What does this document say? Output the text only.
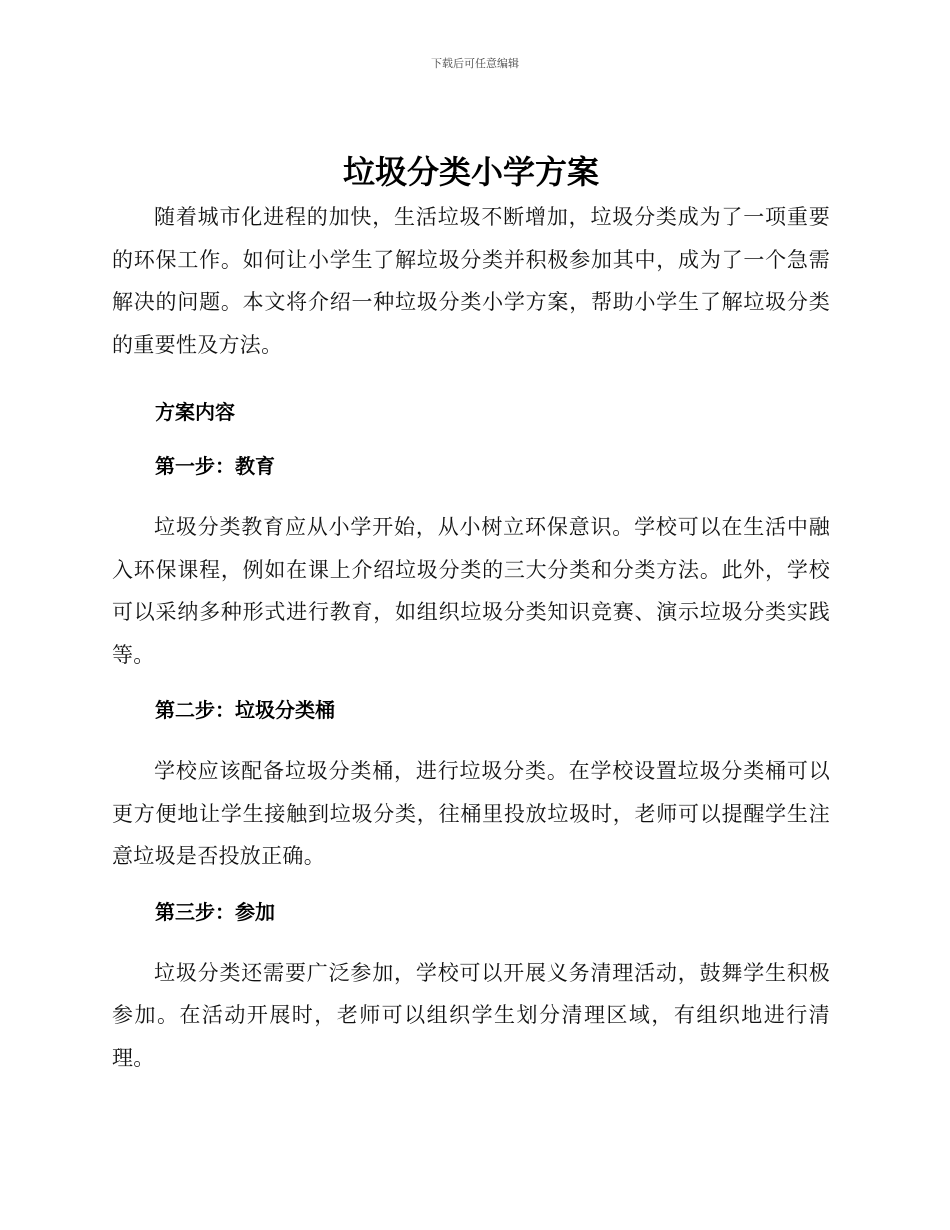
下载后可任意编辑
垃圾分类小学方案

随着城市化进程的加快，生活垃圾不断增加，垃圾分类成为了一项重要的环保工作。如何让小学生了解垃圾分类并积极参加其中，成为了一个急需解决的问题。本文将介绍一种垃圾分类小学方案，帮助小学生了解垃圾分类的重要性及方法。

方案内容
第一步：教育

垃圾分类教育应从小学开始，从小树立环保意识。学校可以在生活中融入环保课程，例如在课上介绍垃圾分类的三大分类和分类方法。此外，学校可以采纳多种形式进行教育，如组织垃圾分类知识竞赛、演示垃圾分类实践等。

第二步：垃圾分类桶

学校应该配备垃圾分类桶，进行垃圾分类。在学校设置垃圾分类桶可以更方便地让学生接触到垃圾分类，往桶里投放垃圾时，老师可以提醒学生注意垃圾是否投放正确。

第三步：参加

垃圾分类还需要广泛参加，学校可以开展义务清理活动，鼓舞学生积极参加。在活动开展时，老师可以组织学生划分清理区域，有组织地进行清理。
